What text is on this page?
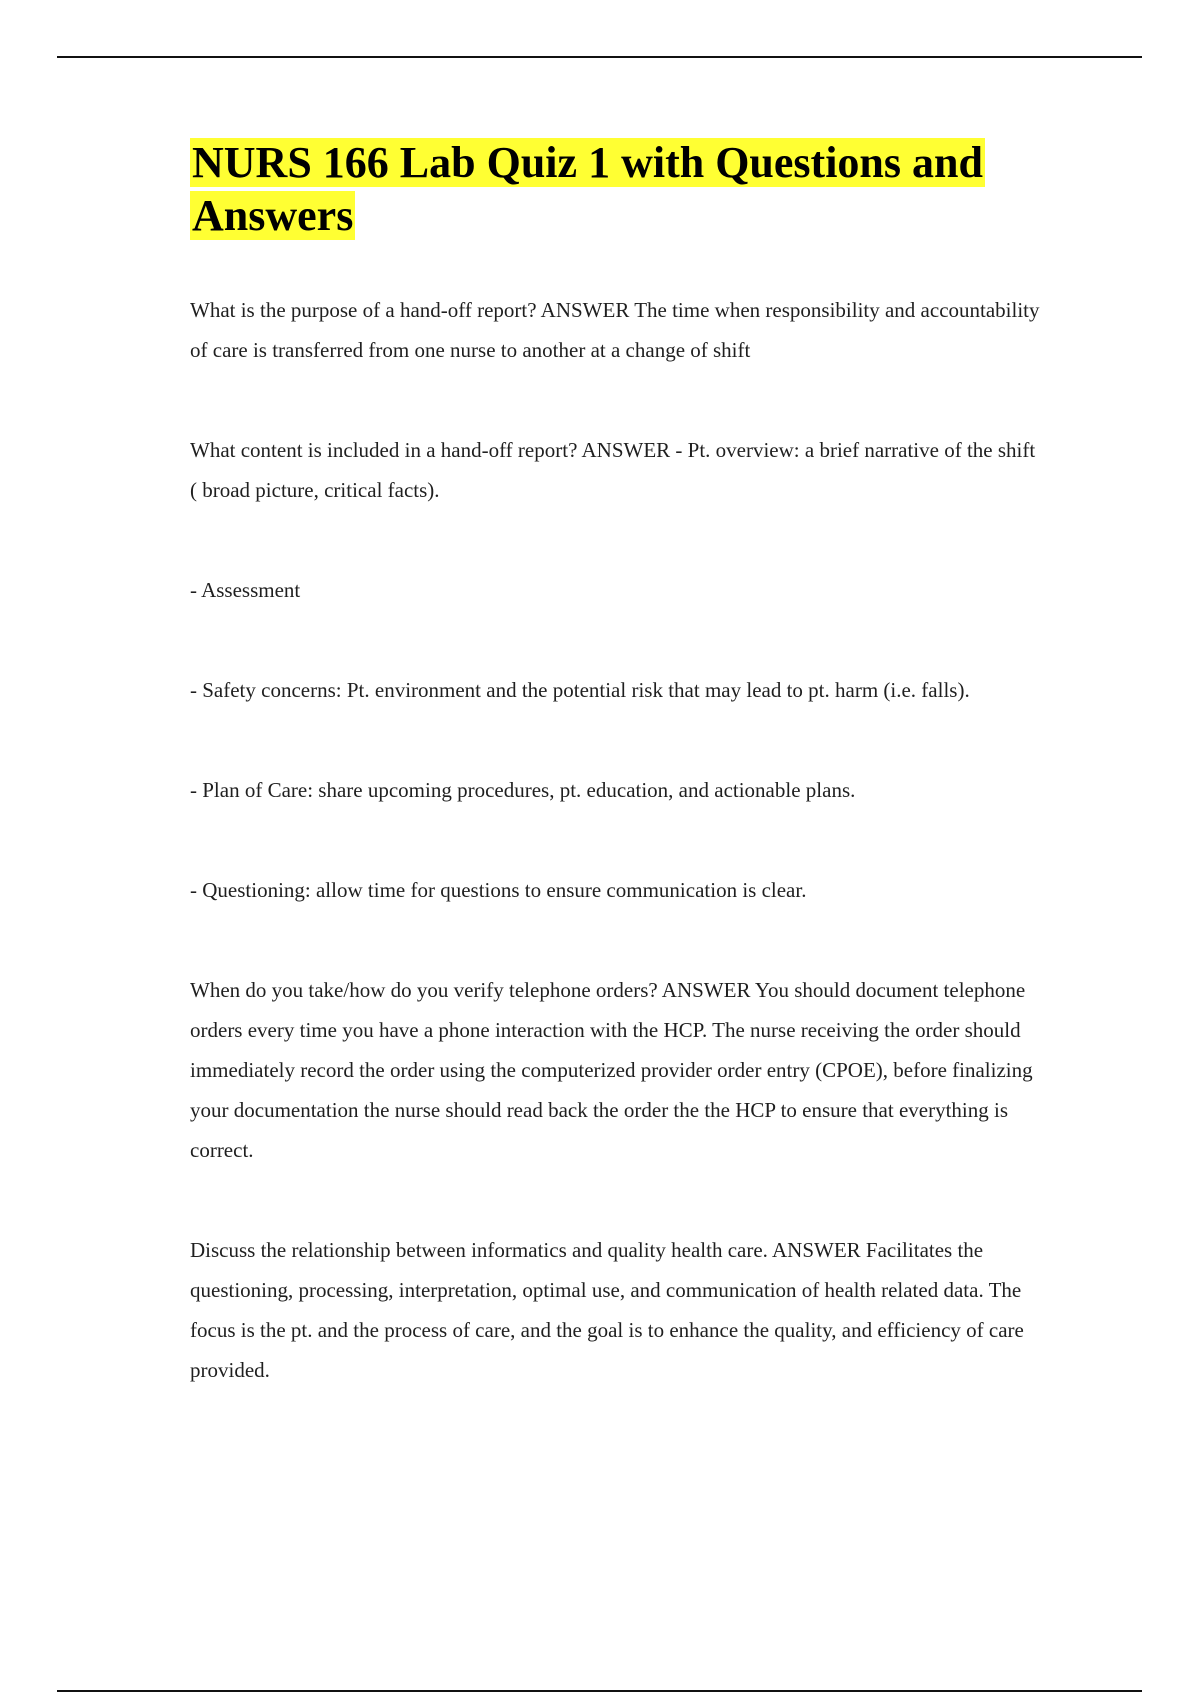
NURS 166 Lab Quiz 1 with Questions and Answers

What is the purpose of a hand-off report? ANSWER The time when responsibility and accountability of care is transferred from one nurse to another at a change of shift

What content is included in a hand-off report? ANSWER - Pt. overview: a brief narrative of the shift ( broad picture, critical facts).

- Assessment

- Safety concerns: Pt. environment and the potential risk that may lead to pt. harm (i.e. falls).

- Plan of Care: share upcoming procedures, pt. education, and actionable plans.

- Questioning: allow time for questions to ensure communication is clear.

When do you take/how do you verify telephone orders? ANSWER You should document telephone orders every time you have a phone interaction with the HCP. The nurse receiving the order should immediately record the order using the computerized provider order entry (CPOE), before finalizing your documentation the nurse should read back the order the the HCP to ensure that everything is correct.

Discuss the relationship between informatics and quality health care. ANSWER Facilitates the questioning, processing, interpretation, optimal use, and communication of health related data. The focus is the pt. and the process of care, and the goal is to enhance the quality, and efficiency of care provided.
